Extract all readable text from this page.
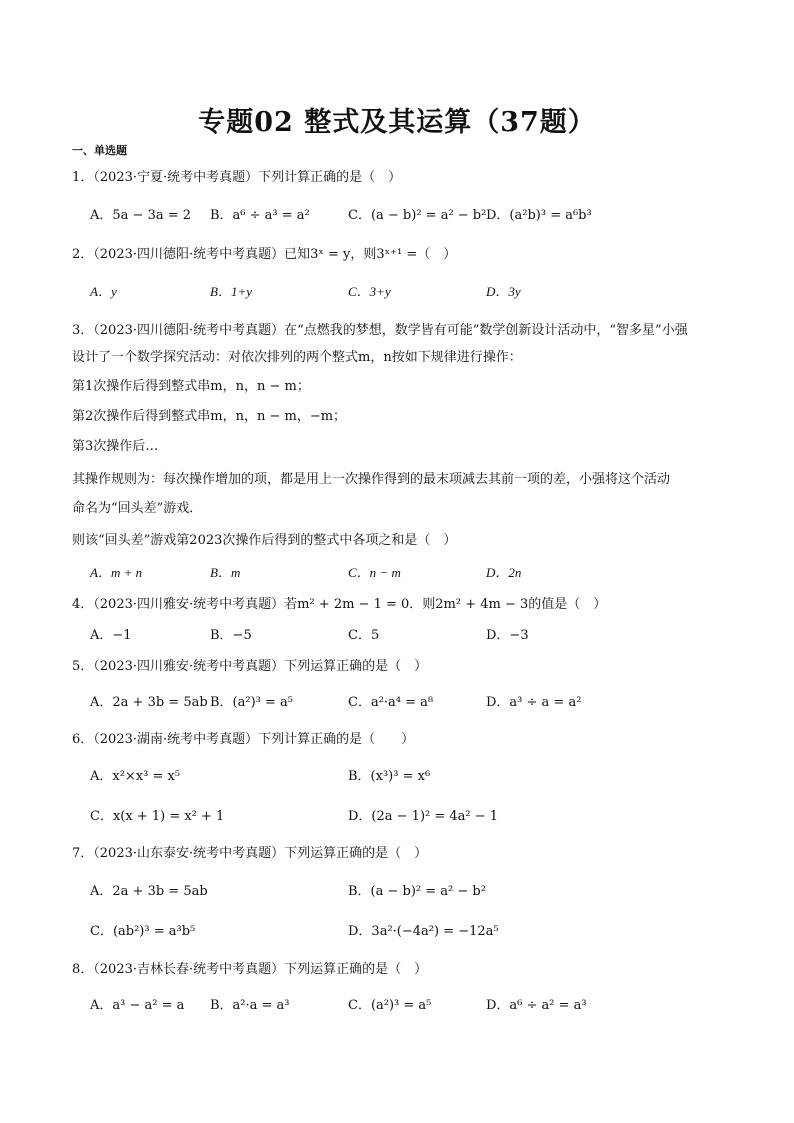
专题02 整式及其运算（37题）
一、单选题
1．（2023·宁夏·统考中考真题）下列计算正确的是（　）
A．5a − 3a = 2 B．a⁶ ÷ a³ = a²	C．(a − b)² = a² − b² D．(a²b)³ = a⁶b³
2．（2023·四川德阳·统考中考真题）已知3ˣ = y，则3ˣ⁺¹ =（　）
A．y	B．1+y	C．3+y	D．3y
3．（2023·四川德阳·统考中考真题）在“点燃我的梦想，数学皆有可能”数学创新设计活动中，“智多星”小强
设计了一个数学探究活动：对依次排列的两个整式m，n按如下规律进行操作：
第1次操作后得到整式串m，n，n − m；
第2次操作后得到整式串m，n，n − m，−m；
第3次操作后…
其操作规则为：每次操作增加的项，都是用上一次操作得到的最末项减去其前一项的差，小强将这个活动
命名为“回头差”游戏．
则该“回头差”游戏第2023次操作后得到的整式中各项之和是（　）
A．m + n	B．m	C．n − m	D．2n
4．（2023·四川雅安·统考中考真题）若m² + 2m − 1 = 0．则2m² + 4m − 3的值是（　）
A．−1	B．−5	C．5	D．−3
5．（2023·四川雅安·统考中考真题）下列运算正确的是（　）
A．2a + 3b = 5ab B．(a²)³ = a⁵	C．a²·a⁴ = a⁸	D．a³ ÷ a = a²
6．（2023·湖南·统考中考真题）下列计算正确的是（　　）
A．x²×x³ = x⁵	B．(x³)³ = x⁶
C．x(x + 1) = x² + 1	D．(2a − 1)² = 4a² − 1
7．（2023·山东泰安·统考中考真题）下列运算正确的是（　）
A．2a + 3b = 5ab	B．(a − b)² = a² − b²
C．(ab²)³ = a³b⁵	D．3a²·(−4a²) = −12a⁵
8．（2023·吉林长春·统考中考真题）下列运算正确的是（　）
A．a³ − a² = a B．a²·a = a³	C．(a²)³ = a⁵	D．a⁶ ÷ a² = a³
